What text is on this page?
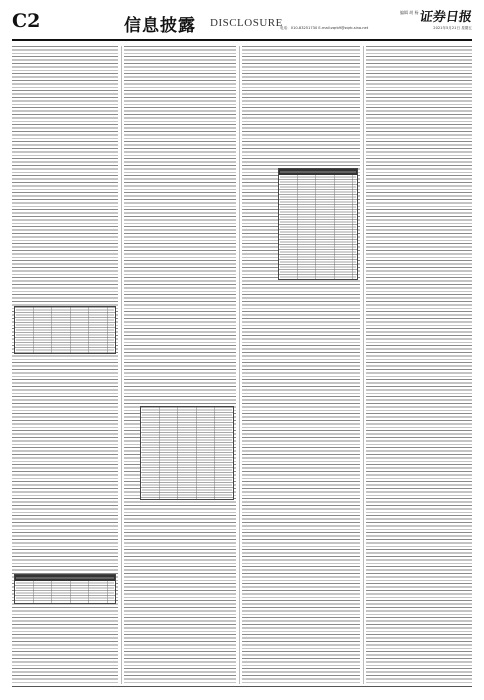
C2	信息披露 DISCLOSURE
编辑 胡 杨 证券日报
电话：010-83251730 E-mail:zqrb9@zqrb.sina.net	2021年5月21日 星期五
